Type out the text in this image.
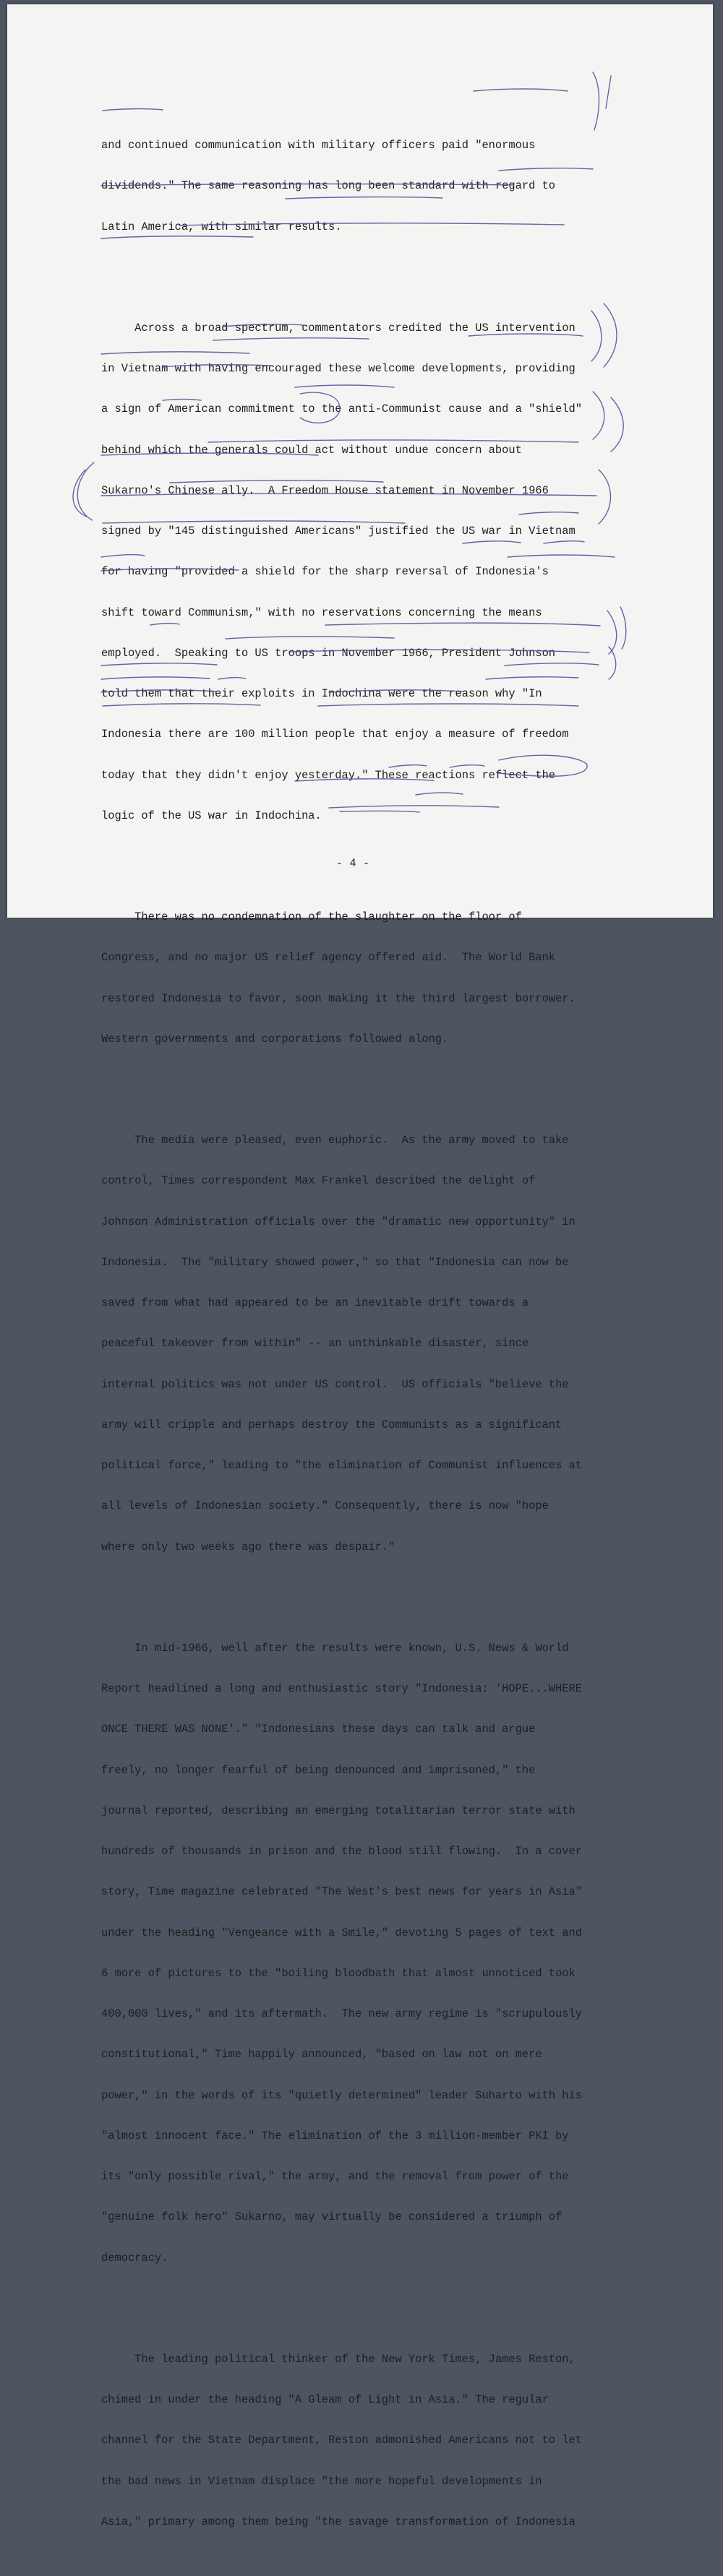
and continued communication with military officers paid "enormous

dividends." The same reasoning has long been standard with regard to

Latin America, with similar results.

Across a broad spectrum, commentators credited the US intervention

in Vietnam with having encouraged these welcome developments, providing

a sign of American commitment to the anti-Communist cause and a "shield"

behind which the generals could act without undue concern about

Sukarno's Chinese ally.  A Freedom House statement in November 1966

signed by "145 distinguished Americans" justified the US war in Vietnam

for having "provided a shield for the sharp reversal of Indonesia's

shift toward Communism," with no reservations concerning the means

employed.  Speaking to US troops in November 1966, President Johnson

told them that their exploits in Indochina were the reason why "In

Indonesia there are 100 million people that enjoy a measure of freedom

today that they didn't enjoy yesterday." These reactions reflect the

logic of the US war in Indochina.

There was no condemnation of the slaughter on the floor of

Congress, and no major US relief agency offered aid.  The World Bank

restored Indonesia to favor, soon making it the third largest borrower.

Western governments and corporations followed along.

The media were pleased, even euphoric.  As the army moved to take

control, Times correspondent Max Frankel described the delight of

Johnson Administration officials over the "dramatic new opportunity" in

Indonesia.  The "military showed power," so that "Indonesia can now be

saved from what had appeared to be an inevitable drift towards a

peaceful takeover from within" -- an unthinkable disaster, since

internal politics was not under US control.  US officials "believe the

army will cripple and perhaps destroy the Communists as a significant

political force," leading to "the elimination of Communist influences at

all levels of Indonesian society." Consequently, there is now "hope

where only two weeks ago there was despair."

In mid-1966, well after the results were known, U.S. News & World

Report headlined a long and enthusiastic story "Indonesia: 'HOPE...WHERE

ONCE THERE WAS NONE'." "Indonesians these days can talk and argue

freely, no longer fearful of being denounced and imprisoned," the

journal reported, describing an emerging totalitarian terror state with

hundreds of thousands in prison and the blood still flowing.  In a cover

story, Time magazine celebrated "The West's best news for years in Asia"

under the heading "Vengeance with a Smile," devoting 5 pages of text and

6 more of pictures to the "boiling bloodbath that almost unnoticed took

400,000 lives," and its aftermath.  The new army regime is "scrupulously

constitutional," Time happily announced, "based on law not on mere

power," in the words of its "quietly determined" leader Suharto with his

"almost innocent face." The elimination of the 3 million-member PKI by

its "only possible rival," the army, and the removal from power of the

"genuine folk hero" Sukarno, may virtually be considered a triumph of

democracy.

The leading political thinker of the New York Times, James Reston,

chimed in under the heading "A Gleam of Light in Asia." The regular

channel for the State Department, Reston admonished Americans not to let

the bad news in Vietnam displace "the more hopeful developments in

Asia," primary among them being "the savage transformation of Indonesia

- 4 -
